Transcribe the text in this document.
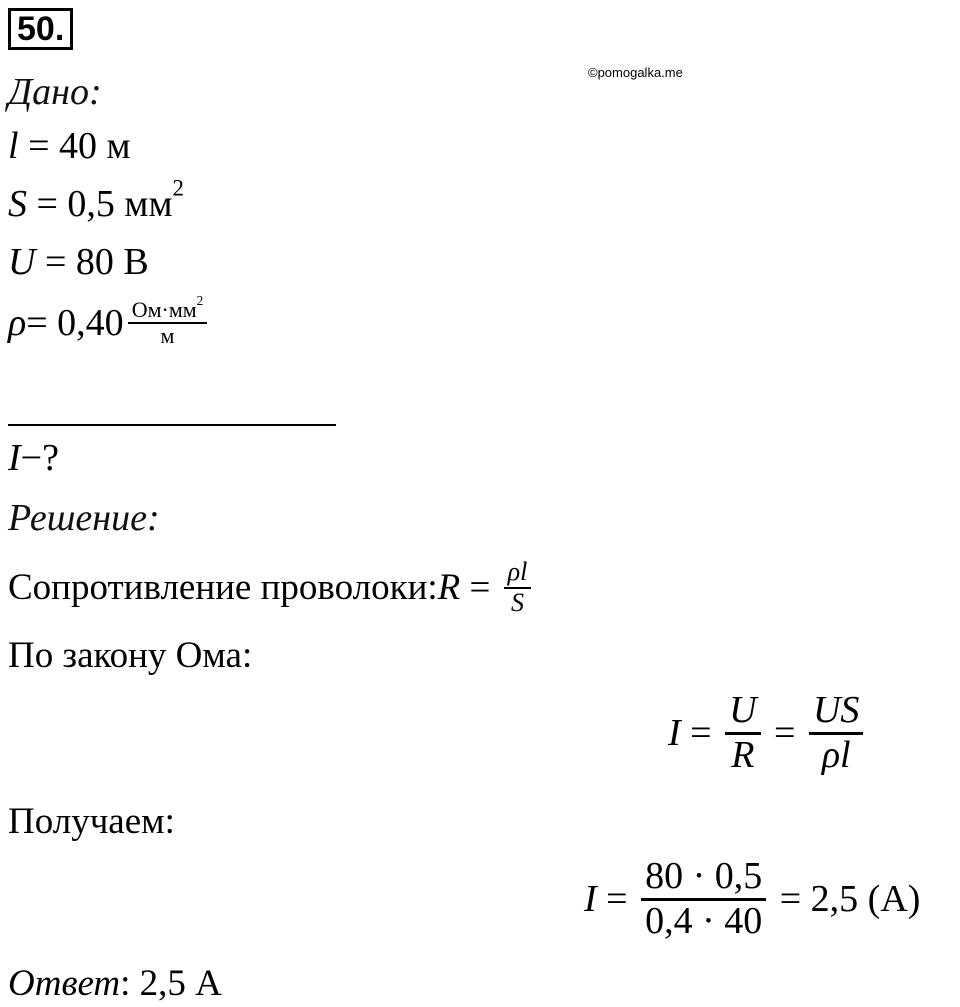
50.
©pomogalka.me
Дано:
l = 40 м
S = 0,5 $мм^2$
U = 80 В
$\rho = 0,40 \frac{Ом\cdot мм^2}{м}$
I−?
Решение:
Сопротивление проволоки: $R = \frac{\rho l}{S}$
По закону Ома:
$I = \frac{U}{R} = \frac{US}{\rho l}$
Получаем:
$I = \frac{80 \cdot 0,5}{0,4 \cdot 40} = 2,5$ (А)
Ответ: 2,5 А
